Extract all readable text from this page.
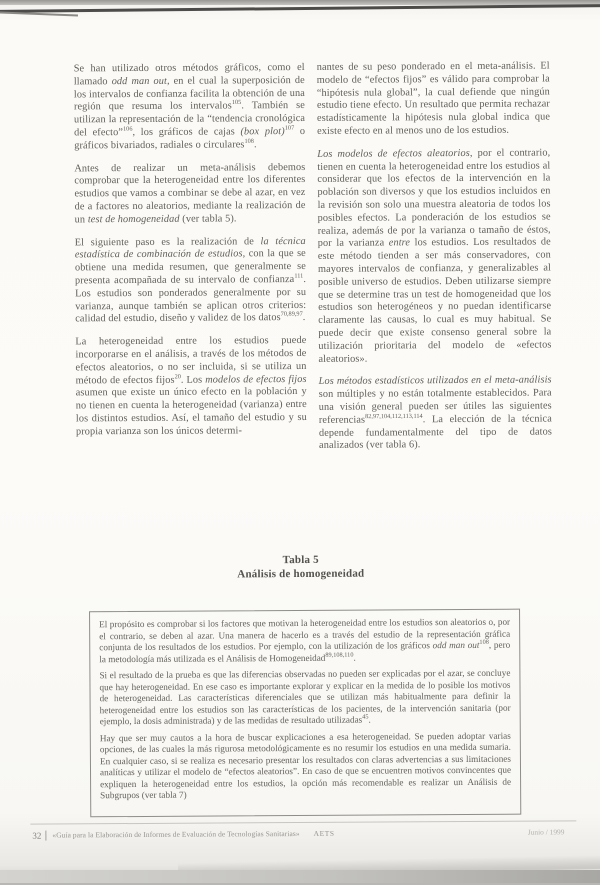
Se han utilizado otros métodos gráficos, como el llamado odd man out, en el cual la superposición de los intervalos de confianza facilita la obtención de una región que resuma los intervalos$^{105}$. También se utilizan la representación de la “tendencia cronológica del efecto”$^{106}$, los gráficos de cajas (box plot)$^{107}$ o gráficos bivariados, radiales o circulares$^{108}$.

Antes de realizar un meta-análisis debemos comprobar que la heterogeneidad entre los diferentes estudios que vamos a combinar se debe al azar, en vez de a factores no aleatorios, mediante la realización de un test de homogeneidad (ver tabla 5).

El siguiente paso es la realización de la técnica estadística de combinación de estudios, con la que se obtiene una medida resumen, que generalmente se presenta acompañada de su intervalo de confianza$^{111}$. Los estudios son ponderados generalmente por su varianza, aunque también se aplican otros criterios: calidad del estudio, diseño y validez de los datos$^{70,89,97}$.

La heterogeneidad entre los estudios puede incorporarse en el análisis, a través de los métodos de efectos aleatorios, o no ser incluida, si se utiliza un método de efectos fijos$^{20}$. Los modelos de efectos fijos asumen que existe un único efecto en la población y no tienen en cuenta la heterogeneidad (varianza) entre los distintos estudios. Así, el tamaño del estudio y su propia varianza son los únicos determi-

nantes de su peso ponderado en el meta-análisis. El modelo de “efectos fijos” es válido para comprobar la “hipótesis nula global”, la cual defiende que ningún estudio tiene efecto. Un resultado que permita rechazar estadísticamente la hipótesis nula global indica que existe efecto en al menos uno de los estudios.

Los modelos de efectos aleatorios, por el contrario, tienen en cuenta la heterogeneidad entre los estudios al considerar que los efectos de la intervención en la población son diversos y que los estudios incluidos en la revisión son solo una muestra aleatoria de todos los posibles efectos. La ponderación de los estudios se realiza, además de por la varianza o tamaño de éstos, por la varianza entre los estudios. Los resultados de este método tienden a ser más conservadores, con mayores intervalos de confianza, y generalizables al posible universo de estudios. Deben utilizarse siempre que se determine tras un test de homogeneidad que los estudios son heterogéneos y no puedan identificarse claramente las causas, lo cual es muy habitual. Se puede decir que existe consenso general sobre la utilización prioritaria del modelo de «efectos aleatorios».

Los métodos estadísticos utilizados en el meta-análisis son múltiples y no están totalmente establecidos. Para una visión general pueden ser útiles las siguientes referencias$^{82,97,104,112,113,114}$. La elección de la técnica depende fundamentalmente del tipo de datos analizados (ver tabla 6).

Tabla 5
Análisis de homogeneidad

El propósito es comprobar si los factores que motivan la heterogeneidad entre los estudios son aleatorios o, por el contrario, se deben al azar. Una manera de hacerlo es a través del estudio de la representación gráfica conjunta de los resultados de los estudios. Por ejemplo, con la utilización de los gráficos odd man out$^{108}$, pero la metodología más utilizada es el Análisis de Homogeneidad$^{89,108,110}$.

Si el resultado de la prueba es que las diferencias observadas no pueden ser explicadas por el azar, se concluye que hay heterogeneidad. En ese caso es importante explorar y explicar en la medida de lo posible los motivos de heterogeneidad. Las características diferenciales que se utilizan más habitualmente para definir la heterogeneidad entre los estudios son las características de los pacientes, de la intervención sanitaria (por ejemplo, la dosis administrada) y de las medidas de resultado utilizadas$^{45}$.

Hay que ser muy cautos a la hora de buscar explicaciones a esa heterogeneidad. Se pueden adoptar varias opciones, de las cuales la más rigurosa metodológicamente es no resumir los estudios en una medida sumaria. En cualquier caso, si se realiza es necesario presentar los resultados con claras advertencias a sus limitaciones analíticas y utilizar el modelo de “efectos aleatorios”. En caso de que se encuentren motivos convincentes que expliquen la heterogeneidad entre los estudios, la opción más recomendable es realizar un Análisis de Subgrupos (ver tabla 7)

32 «Guía para la Elaboración de Informes de Evaluación de Tecnologías Sanitarias» AETS	Junio / 1999
